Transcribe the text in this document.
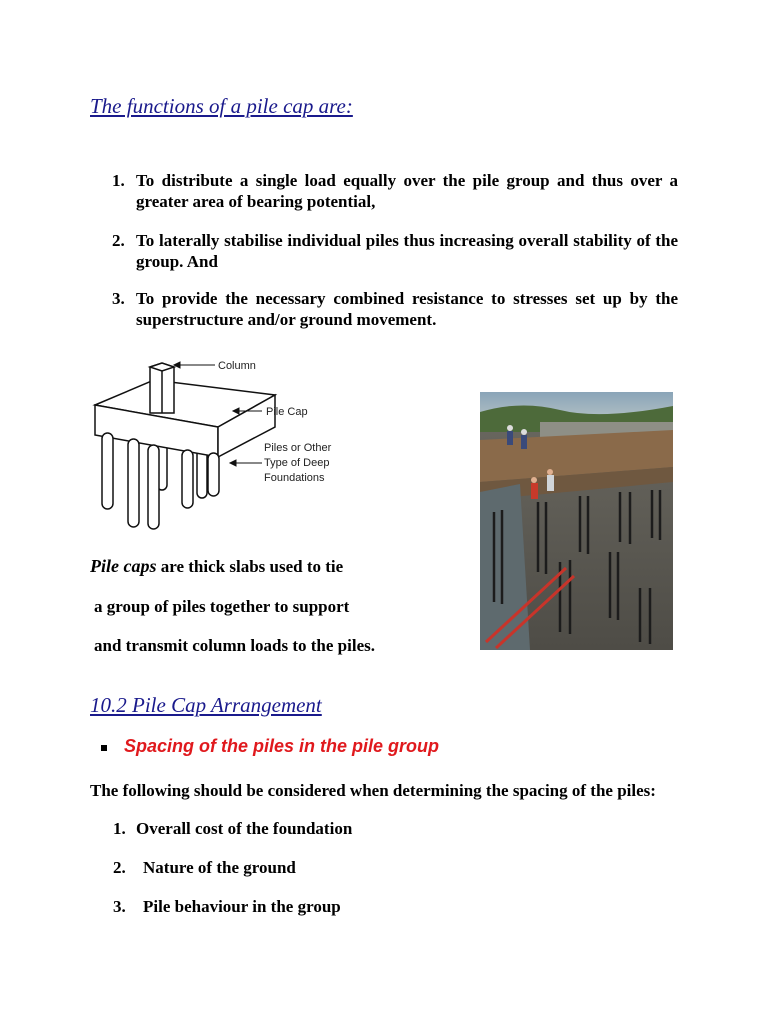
The functions of a pile cap are:
1. To distribute a single load equally over the pile group and thus over a greater area of bearing potential,
2. To laterally stabilise individual piles thus increasing overall stability of the group. And
3. To provide the necessary combined resistance to stresses set up by the superstructure and/or ground movement.
Column
Pile Cap
Piles or Other
Type of Deep
Foundations
Pile caps are thick slabs used to tie
a group of piles together to support
and transmit column loads to the piles.
10.2 Pile Cap Arrangement
Spacing of the piles in the pile group
The following should be considered when determining the spacing of the piles:
1. Overall cost of the foundation
2. Nature of the ground
3. Pile behaviour in the group
